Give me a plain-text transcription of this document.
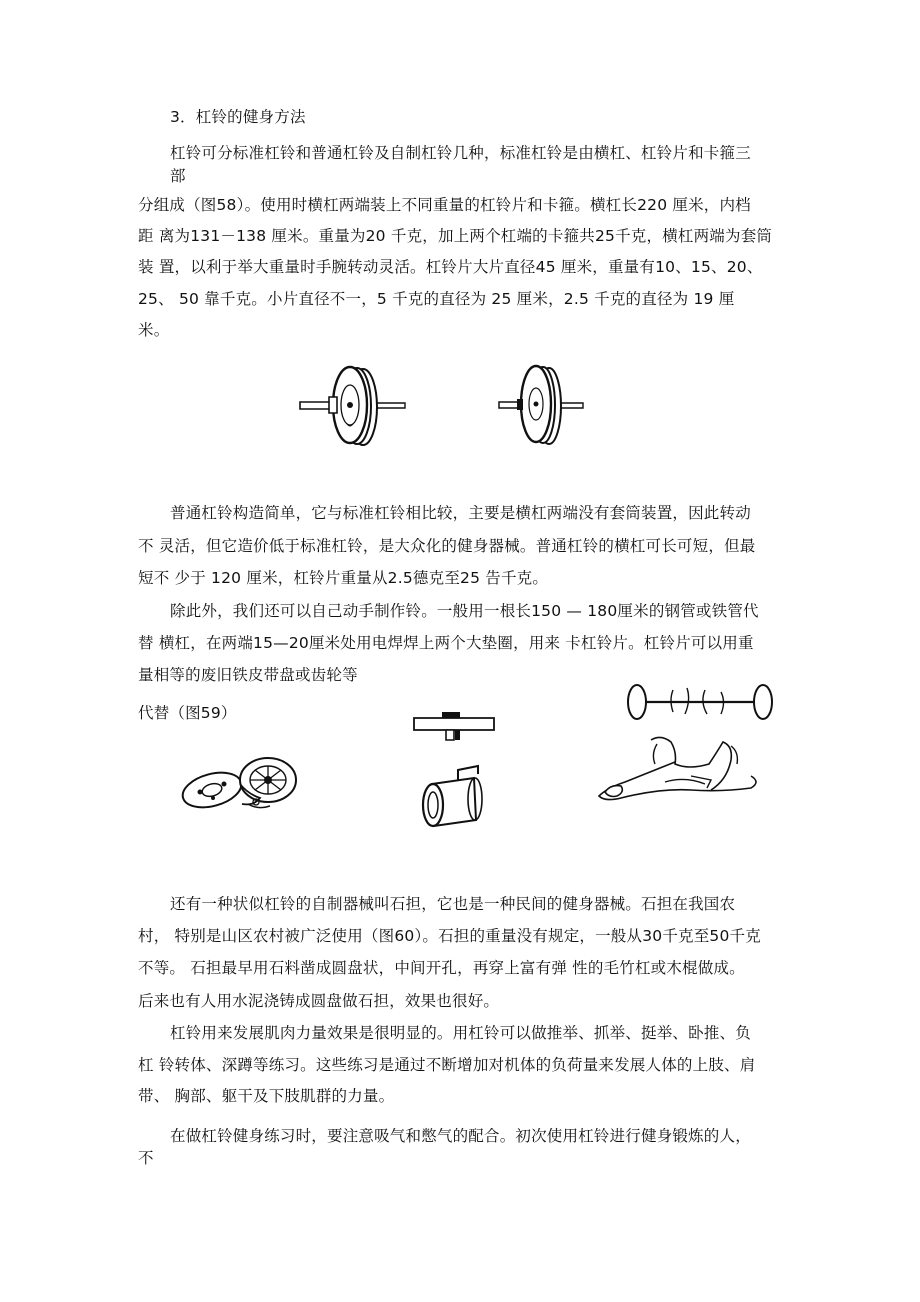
3．杠铃的健身方法
杠铃可分标准杠铃和普通杠铃及自制杠铃几种，标准杠铃是由横杠、杠铃片和卡箍三
部
分组成（图58）。使用时横杠两端装上不同重量的杠铃片和卡箍。横杠长220 厘米，内档
距 离为131－138 厘米。重量为20 千克，加上两个杠端的卡箍共25千克，横杠两端为套筒
装 置，以利于举大重量时手腕转动灵活。杠铃片大片直径45 厘米，重量有10、15、20、
25、 50 靠千克。小片直径不一，5 千克的直径为 25 厘米，2.5 千克的直径为 19 厘
米。
普通杠铃构造简单，它与标准杠铃相比较，主要是横杠两端没有套筒装置，因此转动
不 灵活，但它造价低于标准杠铃，是大众化的健身器械。普通杠铃的横杠可长可短，但最
短不 少于 120 厘米，杠铃片重量从2.5德克至25 告千克。
除此外，我们还可以自己动手制作铃。一般用一根长150 — 180厘米的钢管或铁管代
替 横杠，在两端15—20厘米处用电焊焊上两个大垫圈，用来 卡杠铃片。杠铃片可以用重
量相等的废旧铁皮带盘或齿轮等
代替（图59）
还有一种状似杠铃的自制器械叫石担，它也是一种民间的健身器械。石担在我国农
村， 特别是山区农村被广泛使用（图60）。石担的重量没有规定，一般从30千克至50千克
不等。 石担最早用石料凿成圆盘状，中间开孔，再穿上富有弹 性的毛竹杠或木棍做成。
后来也有人用水泥浇铸成圆盘做石担，效果也很好。
杠铃用来发展肌肉力量效果是很明显的。用杠铃可以做推举、抓举、挺举、卧推、负
杠 铃转体、深蹲等练习。这些练习是通过不断增加对机体的负荷量来发展人体的上肢、肩
带、 胸部、躯干及下肢肌群的力量。
在做杠铃健身练习时，要注意吸气和憋气的配合。初次使用杠铃进行健身锻炼的人，
不
